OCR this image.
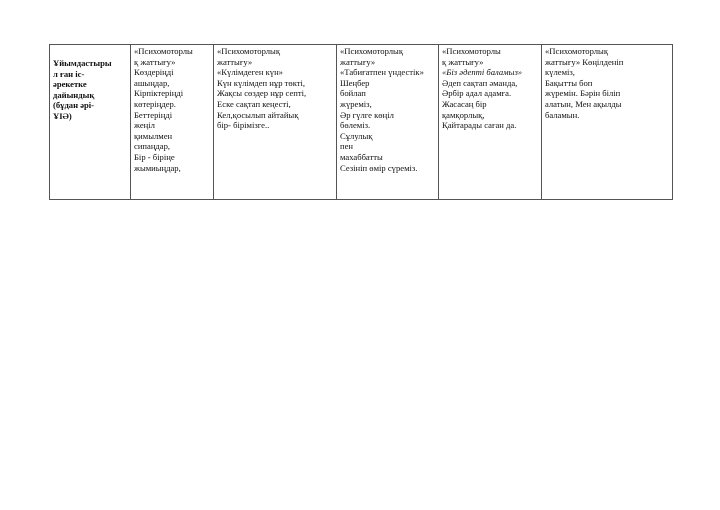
Ұйымдастыры
л ған іс-
әрекетке
дайындық
(бұдан әрі-
ҰІӘ)

«Психомоторлы
қ жаттығу»
Көздеріңді
ашыңдар,
Кірпіктеріңді
көтеріңдер.
Беттеріңді
жеңіл
қимылмен
сипаңдар,
Бір - біріңе
жымиыңдар,

«Психомоторлық
жаттығу»
«Күлімдеген күн»
Күн күлімдеп нұр төкті,
Жақсы сөздер нұр септі,
Еске сақтап кеңесті,
Кел,қосылып айтайық
бір- бірімізге..

«Психомоторлық
жаттығу»
«Табиғатпен үндестік»
Шеңбер
бойлап
жүреміз,
Әр гүлге көңіл
бөлеміз.
Сұлулық
пен
махаббатты
Сезініп өмір сүреміз.

«Психомоторлы
қ жаттығу»
«Біз әдепті баламыз»
Әдеп сақтап әманда,
Әрбір адал адамға.
Жасасаң бір
қамқорлық,
Қайтарады саған да.

«Психомоторлық
жаттығу» Көңілденіп
күлеміз,
Бақытты боп
жүремін. Бәрін біліп
алатын, Мен ақылды
баламын.
